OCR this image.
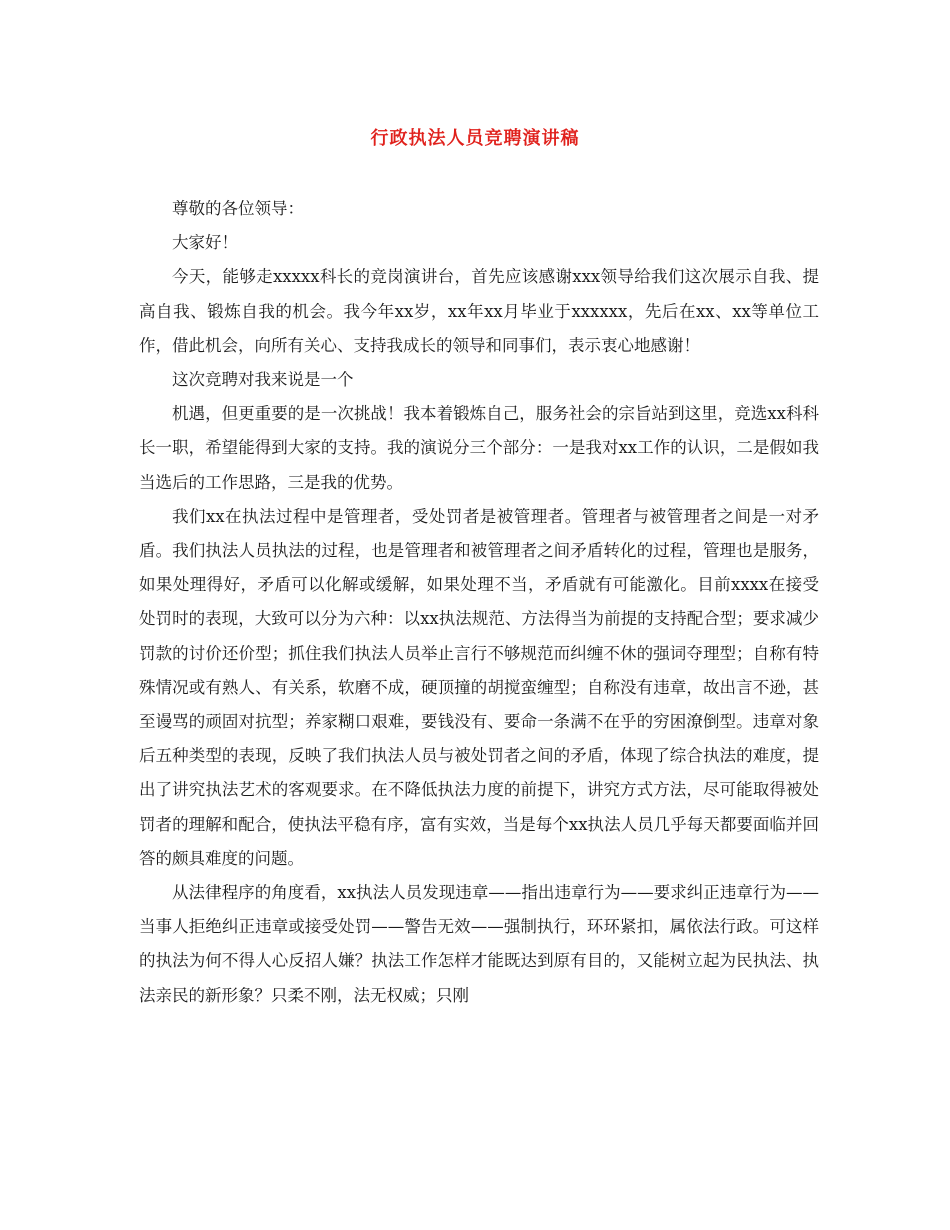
行政执法人员竞聘演讲稿

尊敬的各位领导：

大家好！

今天，能够走xxxxx科长的竞岗演讲台，首先应该感谢xxx领导给我们这次展示自我、提高自我、锻炼自我的机会。我今年xx岁，xx年xx月毕业于xxxxxx，先后在xx、xx等单位工作，借此机会，向所有关心、支持我成长的领导和同事们，表示衷心地感谢！

这次竞聘对我来说是一个

机遇，但更重要的是一次挑战！我本着锻炼自己，服务社会的宗旨站到这里，竞选xx科科长一职，希望能得到大家的支持。我的演说分三个部分：一是我对xx工作的认识，二是假如我当选后的工作思路，三是我的优势。

我们xx在执法过程中是管理者，受处罚者是被管理者。管理者与被管理者之间是一对矛盾。我们执法人员执法的过程，也是管理者和被管理者之间矛盾转化的过程，管理也是服务，如果处理得好，矛盾可以化解或缓解，如果处理不当，矛盾就有可能激化。目前xxxx在接受处罚时的表现，大致可以分为六种：以xx执法规范、方法得当为前提的支持配合型；要求减少罚款的讨价还价型；抓住我们执法人员举止言行不够规范而纠缠不休的强词夺理型；自称有特殊情况或有熟人、有关系，软磨不成，硬顶撞的胡搅蛮缠型；自称没有违章，故出言不逊，甚至谩骂的顽固对抗型；养家糊口艰难，要钱没有、要命一条满不在乎的穷困潦倒型。违章对象后五种类型的表现，反映了我们执法人员与被处罚者之间的矛盾，体现了综合执法的难度，提出了讲究执法艺术的客观要求。在不降低执法力度的前提下，讲究方式方法，尽可能取得被处罚者的理解和配合，使执法平稳有序，富有实效，当是每个xx执法人员几乎每天都要面临并回答的颇具难度的问题。

从法律程序的角度看，xx执法人员发现违章——指出违章行为——要求纠正违章行为——当事人拒绝纠正违章或接受处罚——警告无效——强制执行，环环紧扣，属依法行政。可这样的执法为何不得人心反招人嫌？执法工作怎样才能既达到原有目的，又能树立起为民执法、执法亲民的新形象？只柔不刚，法无权威；只刚
